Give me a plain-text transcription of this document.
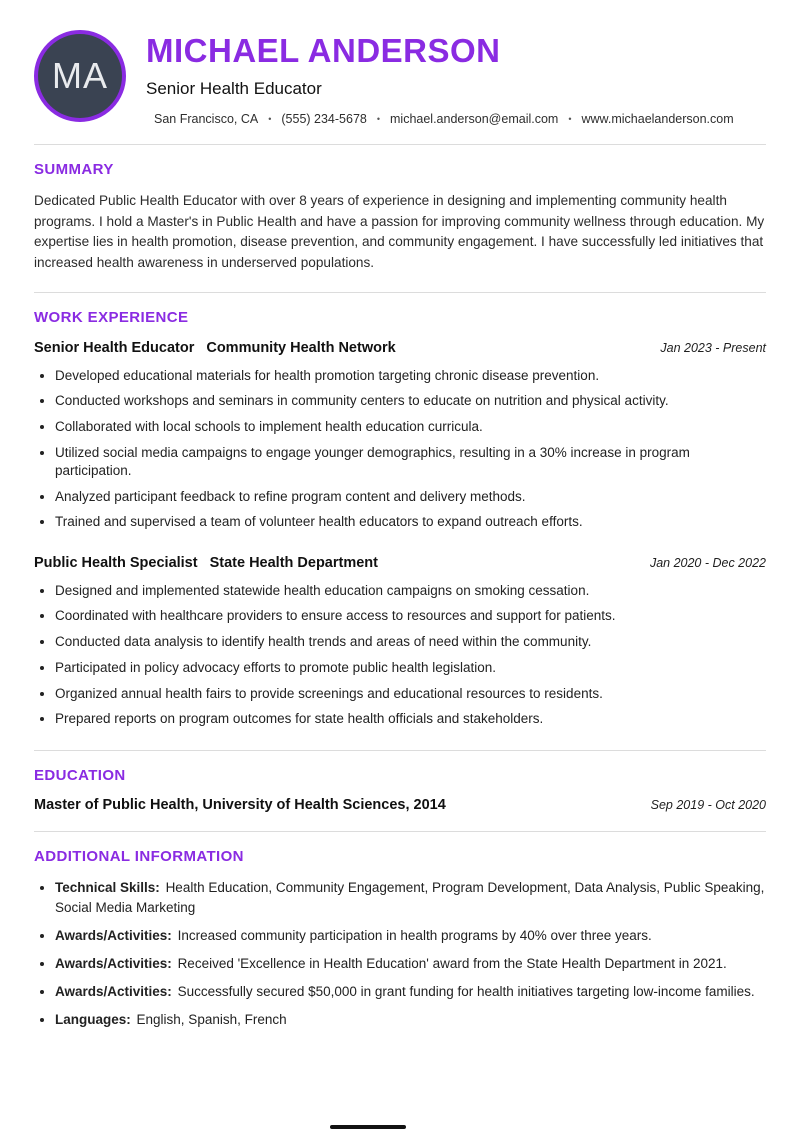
MA
MICHAEL ANDERSON
Senior Health Educator
San Francisco, CA • (555) 234-5678 • michael.anderson@email.com • www.michaelanderson.com
SUMMARY

Dedicated Public Health Educator with over 8 years of experience in designing and implementing community health programs. I hold a Master's in Public Health and have a passion for improving community wellness through education. My expertise lies in health promotion, disease prevention, and community engagement. I have successfully led initiatives that increased health awareness in underserved populations.

WORK EXPERIENCE
Senior Health Educator Community Health Network	Jan 2023 - Present
• Developed educational materials for health promotion targeting chronic disease prevention.
• Conducted workshops and seminars in community centers to educate on nutrition and physical activity.
• Collaborated with local schools to implement health education curricula.
• Utilized social media campaigns to engage younger demographics, resulting in a 30% increase in program participation.
• Analyzed participant feedback to refine program content and delivery methods.
• Trained and supervised a team of volunteer health educators to expand outreach efforts.
Public Health Specialist State Health Department	Jan 2020 - Dec 2022
• Designed and implemented statewide health education campaigns on smoking cessation.
• Coordinated with healthcare providers to ensure access to resources and support for patients.
• Conducted data analysis to identify health trends and areas of need within the community.
• Participated in policy advocacy efforts to promote public health legislation.
• Organized annual health fairs to provide screenings and educational resources to residents.
• Prepared reports on program outcomes for state health officials and stakeholders.
EDUCATION
Master of Public Health, University of Health Sciences, 2014	Sep 2019 - Oct 2020
ADDITIONAL INFORMATION
• Technical Skills: Health Education, Community Engagement, Program Development, Data Analysis, Public Speaking, Social Media Marketing
• Awards/Activities: Increased community participation in health programs by 40% over three years.
• Awards/Activities: Received 'Excellence in Health Education' award from the State Health Department in 2021.
• Awards/Activities: Successfully secured $50,000 in grant funding for health initiatives targeting low-income families.
• Languages: English, Spanish, French
